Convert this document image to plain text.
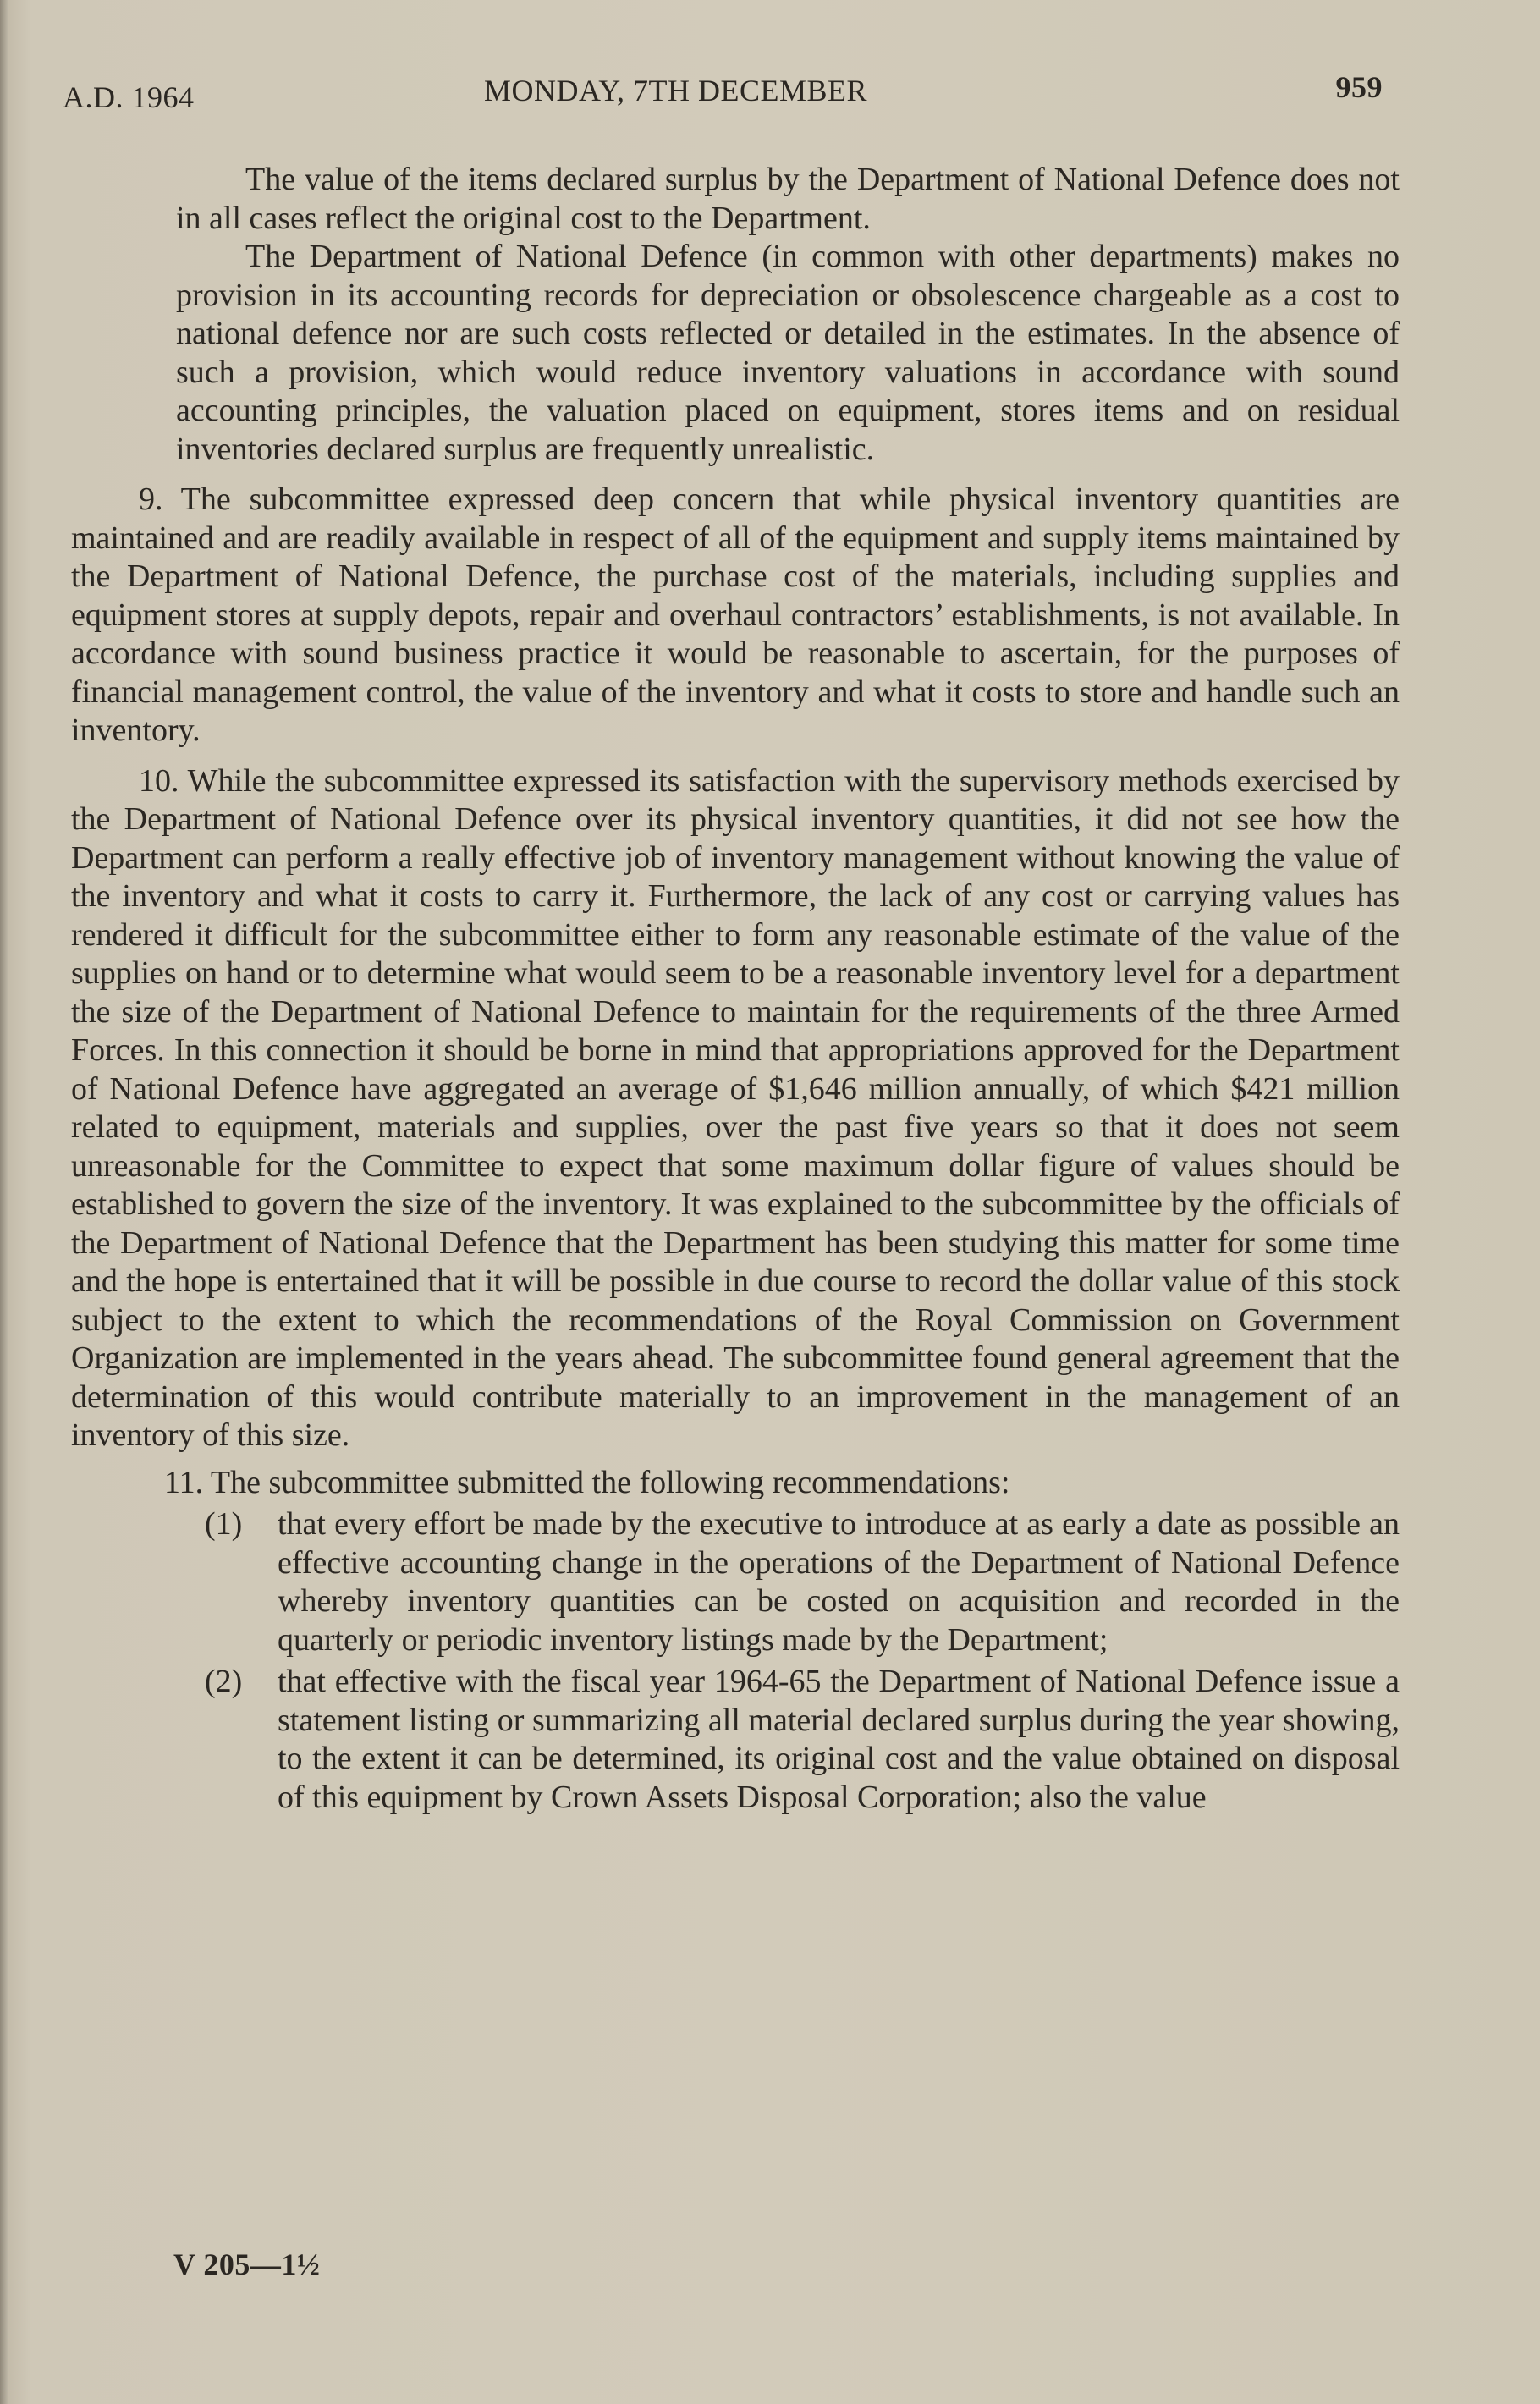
A.D. 1964	MONDAY, 7TH DECEMBER	959

The value of the items declared surplus by the Department of National Defence does not in all cases reflect the original cost to the Department.

The Department of National Defence (in common with other departments) makes no provision in its accounting records for depreciation or obsolescence chargeable as a cost to national defence nor are such costs reflected or detailed in the estimates. In the absence of such a provision, which would reduce inventory valuations in accordance with sound accounting principles, the valuation placed on equipment, stores items and on residual inventories declared surplus are frequently unrealistic.

9. The subcommittee expressed deep concern that while physical inventory quantities are maintained and are readily available in respect of all of the equipment and supply items maintained by the Department of National Defence, the purchase cost of the materials, including supplies and equipment stores at supply depots, repair and overhaul contractors’ establishments, is not available. In accordance with sound business practice it would be reasonable to ascertain, for the purposes of financial management control, the value of the inventory and what it costs to store and handle such an inventory.

10. While the subcommittee expressed its satisfaction with the supervisory methods exercised by the Department of National Defence over its physical inventory quantities, it did not see how the Department can perform a really effective job of inventory management without knowing the value of the inventory and what it costs to carry it. Furthermore, the lack of any cost or carrying values has rendered it difficult for the subcommittee either to form any reasonable estimate of the value of the supplies on hand or to determine what would seem to be a reasonable inventory level for a department the size of the Department of National Defence to maintain for the requirements of the three Armed Forces. In this connection it should be borne in mind that appropriations approved for the Department of National Defence have aggregated an average of $1,646 million annually, of which $421 million related to equipment, materials and supplies, over the past five years so that it does not seem unreasonable for the Committee to expect that some maximum dollar figure of values should be established to govern the size of the inventory. It was explained to the subcommittee by the officials of the Department of National Defence that the Department has been studying this matter for some time and the hope is entertained that it will be possible in due course to record the dollar value of this stock subject to the extent to which the recommendations of the Royal Commission on Government Organization are implemented in the years ahead. The subcommittee found general agreement that the determination of this would contribute materially to an improvement in the management of an inventory of this size.

11. The subcommittee submitted the following recommendations:

(1) that every effort be made by the executive to introduce at as early a date as possible an effective accounting change in the operations of the Department of National Defence whereby inventory quantities can be costed on acquisition and recorded in the quarterly or periodic inventory listings made by the Department;
(2) that effective with the fiscal year 1964-65 the Department of National Defence issue a statement listing or summarizing all material declared surplus during the year showing, to the extent it can be determined, its original cost and the value obtained on disposal of this equipment by Crown Assets Disposal Corporation; also the value
V 205—1½
